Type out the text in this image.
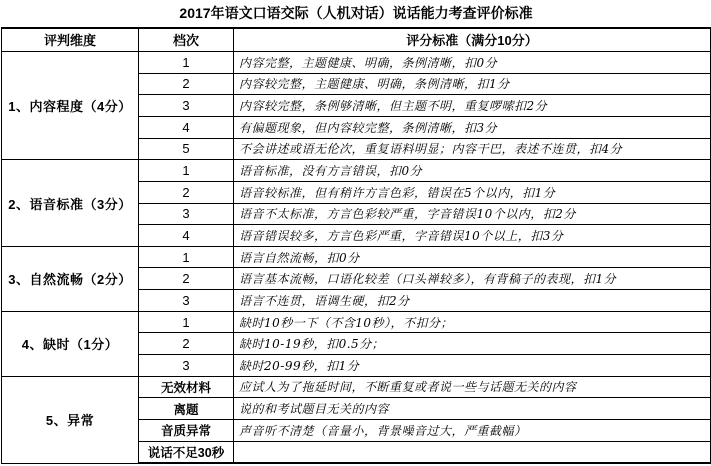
2017年语文口语交际（人机对话）说话能力考查评价标准		
评判维度	档次	评分标准（满分10分）
1、内容程度（4分）	1	内容完整，主题健康、明确，条例清晰，扣0分
	2	内容较完整，主题健康、明确，条例清晰，扣1分
	3	内容较完整，条例够清晰，但主题不明，重复啰嗦扣2分
	4	有偏题现象，但内容较完整，条例清晰，扣3分
	5	不会讲述或语无伦次，重复语料明显；内容干巴，表述不连贯，扣4分
2、语音标准（3分）	1	语音标准，没有方言错误，扣0分
	2	语音较标准，但有稍许方言色彩，错误在5个以内，扣1分
	3	语音不太标准，方言色彩较严重，字音错误10个以内，扣2分
	4	语音错误较多，方言色彩严重，字音错误10个以上，扣3分
3、自然流畅（2分）	1	语言自然流畅，扣0分
	2	语言基本流畅，口语化较差（口头禅较多），有背稿子的表现，扣1分
	3	语言不连贯，语调生硬，扣2分
4、缺时（1分）	1	缺时10秒一下（不含10秒），不扣分；
	2	缺时10-19秒，扣0.5分；
	3	缺时20-99秒，扣1分
5、异常	无效材料	应试人为了拖延时间，不断重复或者说一些与话题无关的内容
	离题	说的和考试题目无关的内容
	音质异常	声音听不清楚（音量小，背景噪音过大，严重截幅）
	说话不足30秒	
